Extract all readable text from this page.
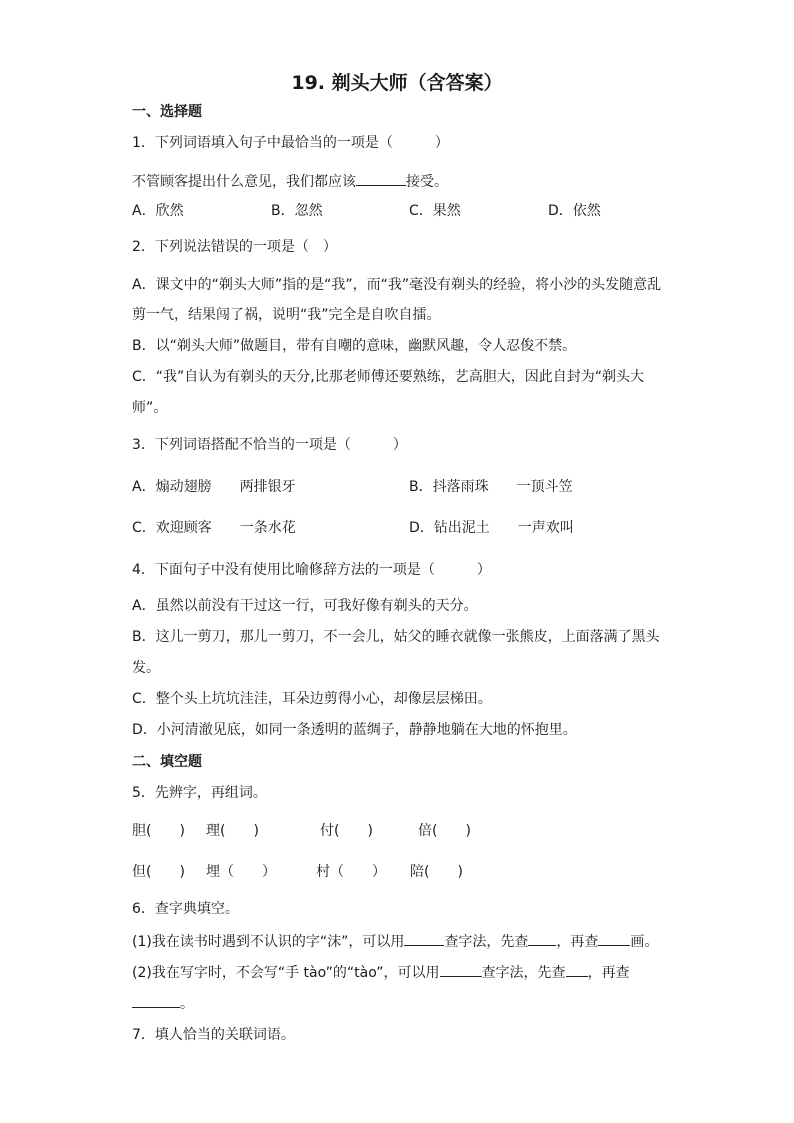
19. 剃头大师（含答案）
一、选择题
1．下列词语填入句子中最恰当的一项是（　　　）
不管顾客提出什么意见，我们都应该	接受。
A．欣然	B．忽然	C．果然	D．依然
2．下列说法错误的一项是（　）
A．课文中的“剃头大师”指的是“我”，而“我”毫没有剃头的经验，将小沙的头发随意乱
剪一气，结果闯了祸，说明“我”完全是自吹自擂。
B．以“剃头大师”做题目，带有自嘲的意味，幽默风趣，令人忍俊不禁。
C．“我”自认为有剃头的天分,比那老师傅还要熟练，艺高胆大，因此自封为“剃头大
师”。
3．下列词语搭配不恰当的一项是（　　　）
A．煽动翅膀　　两排银牙	B．抖落雨珠　　一顶斗笠
C．欢迎顾客　　一条水花	D．钻出泥土　　一声欢叫
4．下面句子中没有使用比喻修辞方法的一项是（　　　）
A．虽然以前没有干过这一行，可我好像有剃头的天分。
B．这儿一剪刀，那儿一剪刀，不一会儿，姑父的睡衣就像一张熊皮，上面落满了黑头
发。
C．整个头上坑坑洼洼，耳朵边剪得小心，却像层层梯田。
D．小河清澈见底，如同一条透明的蓝绸子，静静地躺在大地的怀抱里。
二、填空题
5．先辨字，再组词。
胆(　　) 理(　　)	付(　　)	倍(　　)
但(　　) 埋（　　）	村（　　） 陪(　　)
6．查字典填空。
(1)我在读书时遇到不认识的字“沫”，可以用	查字法，先查 ，再查 画。
(2)我在写字时，不会写“手 tào”的“tào”，可以用	查字法，先查 ，再查
。
7．填人恰当的关联词语。
